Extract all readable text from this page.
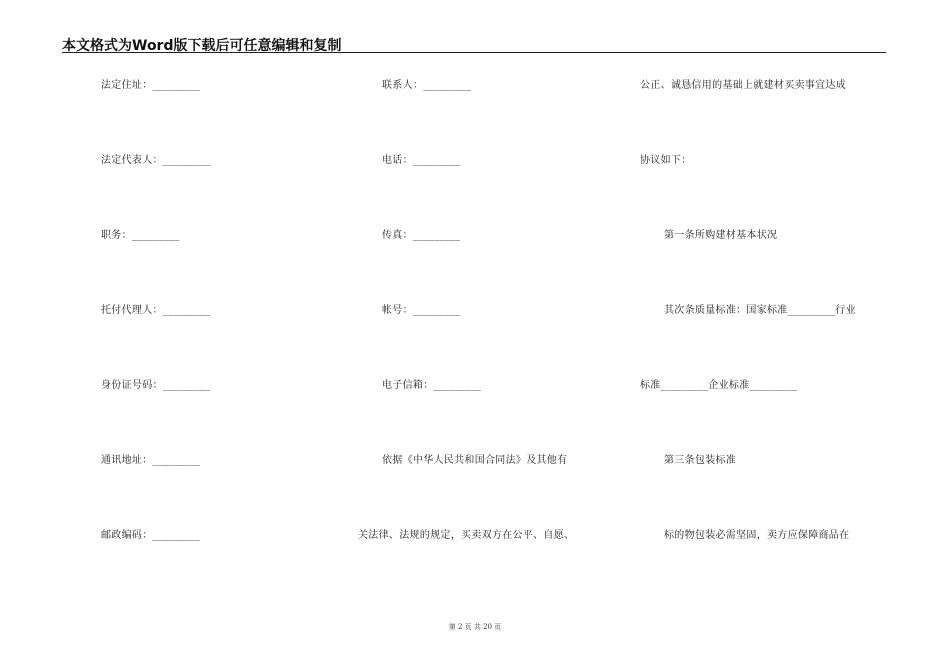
本文格式为Word版下载后可任意编辑和复制
法定住址：_________
法定代表人：_________
职务：_________
托付代理人：_________
身份证号码：_________
通讯地址：_________
邮政编码：_________
联系人：_________
电话：_________
传真：_________
帐号：_________
电子信箱：_________
依据《中华人民共和国合同法》及其他有
关法律、法规的规定，买卖双方在公平、自愿、
公正、诚恳信用的基础上就建材买卖事宜达成
协议如下：
第一条所购建材基本状况
其次条质量标准：国家标准_________行业
标准_________企业标准_________
第三条包装标准
标的物包装必需坚固，卖方应保障商品在
第 2 页 共 20 页
